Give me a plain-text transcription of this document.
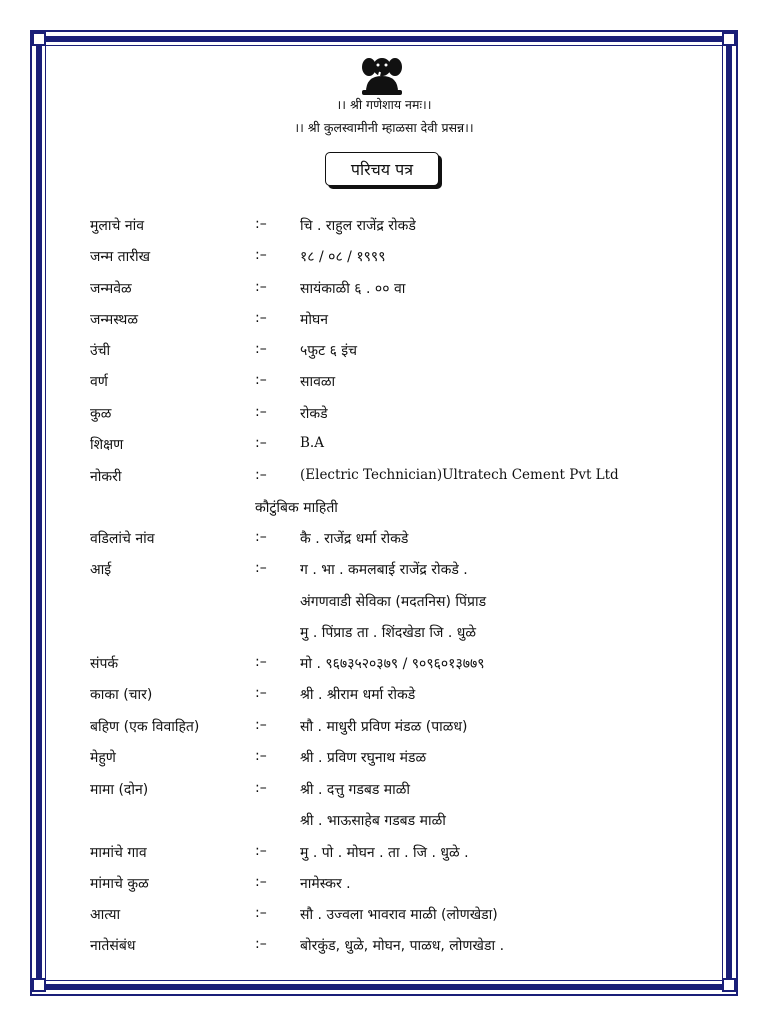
।। श्री गणेशाय नमः।।
।। श्री कुलस्वामीनी म्हाळसा देवी प्रसन्न।।
परिचय पत्र
मुलाचे नांव	:– चि . राहुल राजेंद्र रोकडे
जन्म तारीख	:– १८ / ०८ / १९९९
जन्मवेळ	:– सायंकाळी ६ . ०० वा
जन्मस्थळ	:– मोघन
उंची	:– ५फुट ६ इंच
वर्ण	:– सावळा
कुळ	:– रोकडे
शिक्षण	:– B.A
नोकरी	:– (Electric Technician)Ultratech Cement Pvt Ltd
कौटुंबिक माहिती
वडिलांचे नांव	:– कै . राजेंद्र धर्मा रोकडे
आई	:– ग . भा . कमलबाई राजेंद्र रोकडे .
अंगणवाडी सेविका (मदतनिस) पिंप्राड
मु . पिंप्राड ता . शिंदखेडा जि . धुळे
संपर्क	:– मो . ९६७३५२०३७९ / ९०९६०१३७७९
काका (चार)	:– श्री . श्रीराम धर्मा रोकडे
बहिण (एक विवाहित)	:– सौ . माधुरी प्रविण मंडळ (पाळध)
मेहुणे	:– श्री . प्रविण रघुनाथ मंडळ
मामा (दोन)	:– श्री . दत्तु गडबड माळी
श्री . भाऊसाहेब गडबड माळी
मामांचे गाव	:– मु . पो . मोघन . ता . जि . धुळे .
मांमाचे कुळ	:– नामेस्कर .
आत्या	:– सौ . उज्वला भावराव माळी (लोणखेडा)
नातेसंबंध	:– बोरकुंड, धुळे, मोघन, पाळध, लोणखेडा .
